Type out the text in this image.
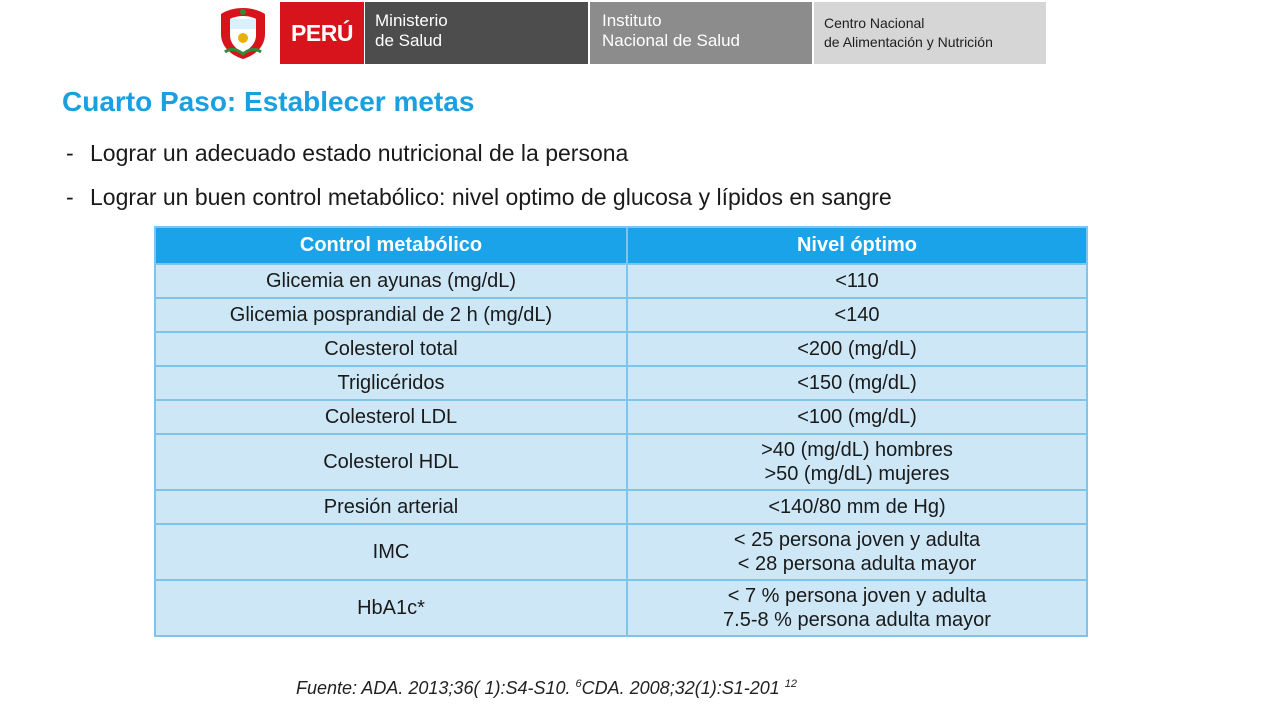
PERÚ	Ministerio
de Salud
Instituto
Nacional de Salud
Centro Nacional
de Alimentación y Nutrición
Cuarto Paso: Establecer metas
- Lograr un adecuado estado nutricional de la persona
- Lograr un buen control metabólico: nivel optimo de glucosa y lípidos en sangre
Control metabólico	Nivel óptimo
Glicemia en ayunas (mg/dL)	<110

Glicemia posprandial de 2 h (mg/dL)	<140

Colesterol total	<200 (mg/dL)

Triglicéridos	<150 (mg/dL)

Colesterol LDL	<100 (mg/dL)

Colesterol HDL	>40 (mg/dL) hombres
>50 (mg/dL) mujeres

Presión arterial	<140/80 mm de Hg)

IMC	< 25 persona joven y adulta
< 28 persona adulta mayor

HbA1c*	< 7 % persona joven y adulta
7.5-8 % persona adulta mayor

Fuente: ADA. 2013;36( 1):S4-S10. $^6$CDA. 2008;32(1):S1-201 $^{12}$
